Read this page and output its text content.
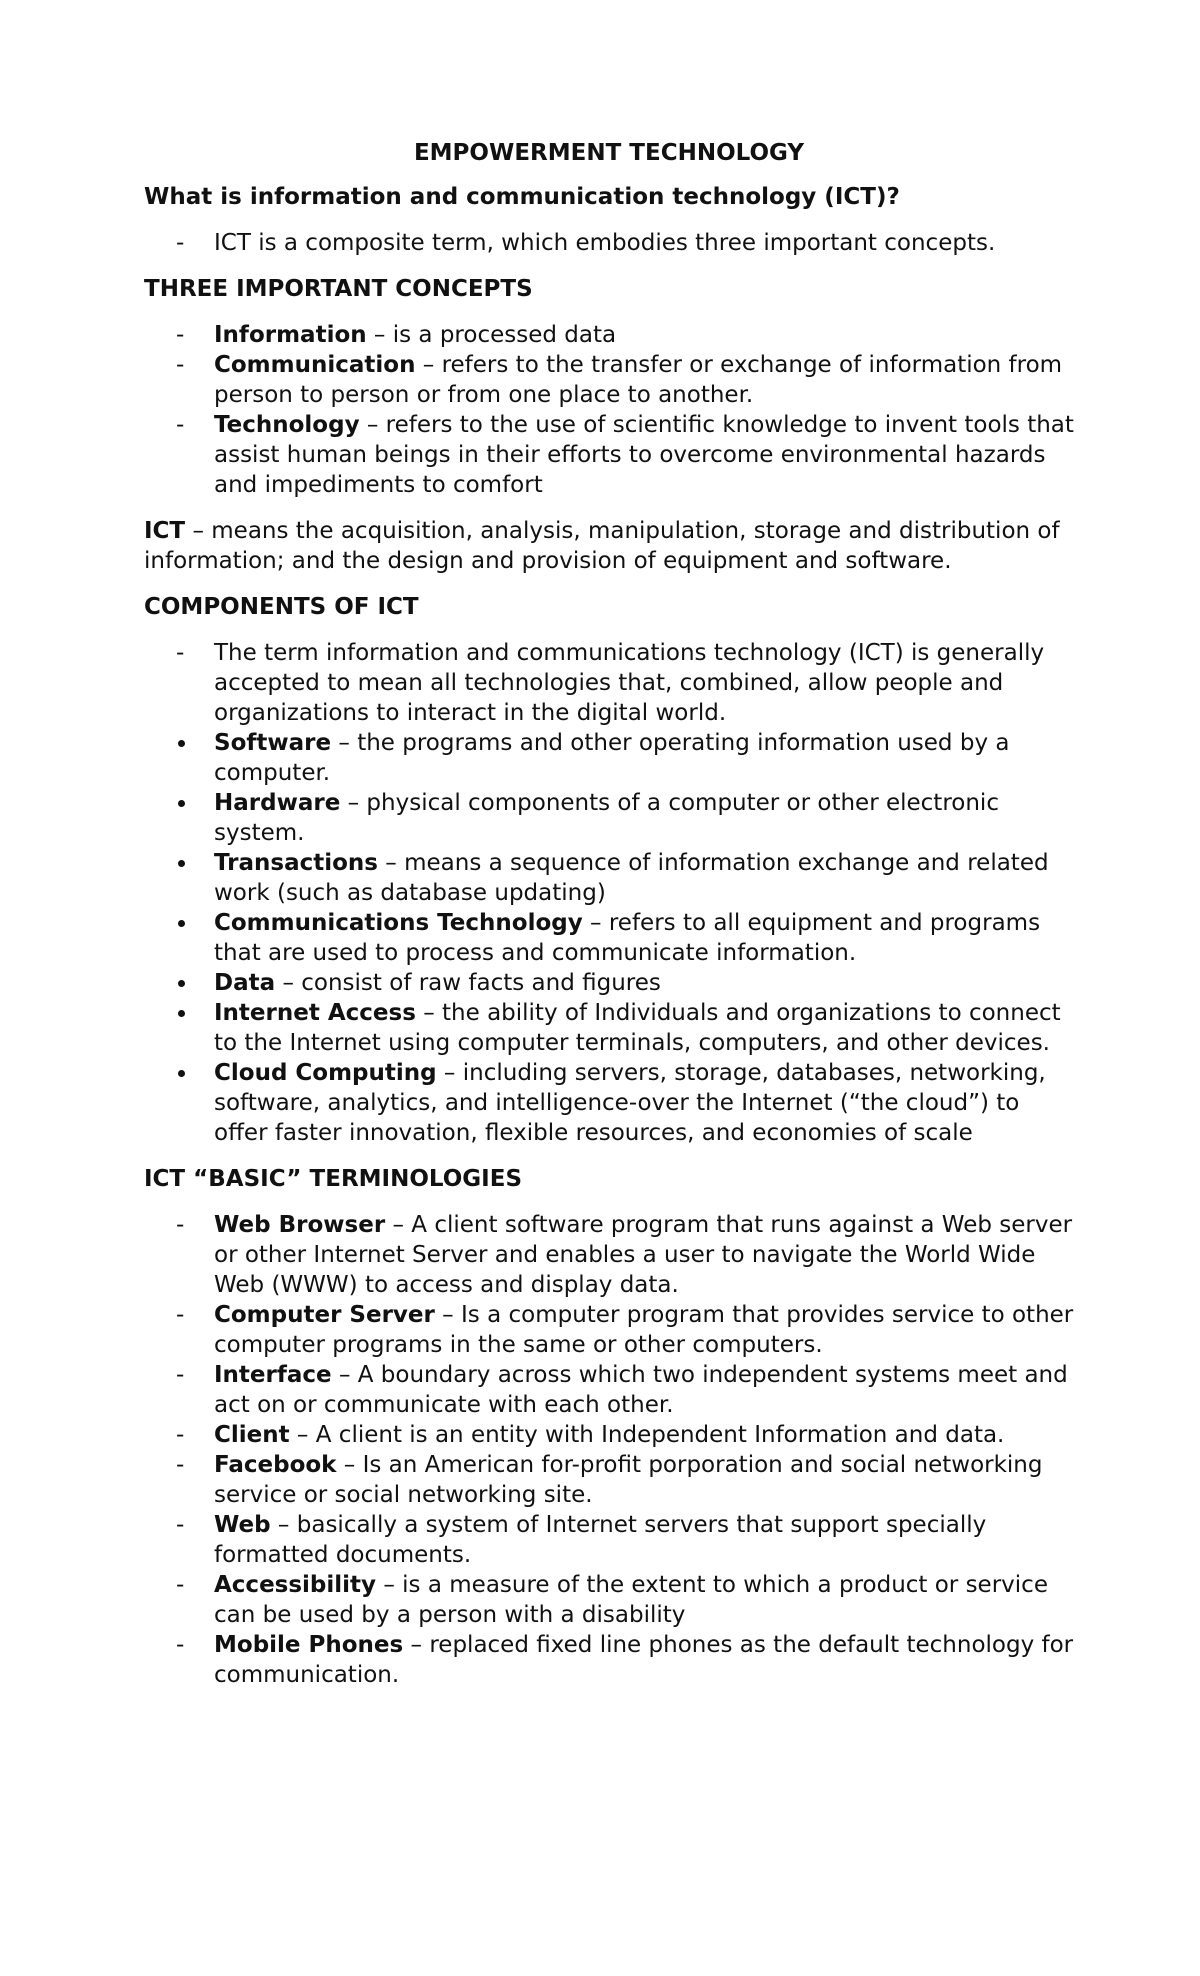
EMPOWERMENT TECHNOLOGY
What is information and communication technology (ICT)?
-	ICT is a composite term, which embodies three important concepts.
THREE IMPORTANT CONCEPTS
-	Information – is a processed data
-	Communication – refers to the transfer or exchange of information from person to person or from one place to another.
-	Technology – refers to the use of scientific knowledge to invent tools that assist human beings in their efforts to overcome environmental hazards and impediments to comfort

ICT – means the acquisition, analysis, manipulation, storage and distribution of information; and the design and provision of equipment and software.

COMPONENTS OF ICT
-	The term information and communications technology (ICT) is generally accepted to mean all technologies that, combined, allow people and organizations to interact in the digital world.
Software – the programs and other operating information used by a computer.
Hardware – physical components of a computer or other electronic system.
Transactions – means a sequence of information exchange and related work (such as database updating)
Communications Technology – refers to all equipment and programs that are used to process and communicate information.
Data – consist of raw facts and figures
Internet Access – the ability of Individuals and organizations to connect to the Internet using computer terminals, computers, and other devices.
Cloud Computing – including servers, storage, databases, networking, software, analytics, and intelligence-over the Internet (“the cloud”) to offer faster innovation, flexible resources, and economies of scale
ICT “BASIC” TERMINOLOGIES
-	Web Browser – A client software program that runs against a Web server or other Internet Server and enables a user to navigate the World Wide Web (WWW) to access and display data.
-	Computer Server – Is a computer program that provides service to other computer programs in the same or other computers.
-	Interface – A boundary across which two independent systems meet and act on or communicate with each other.
-	Client – A client is an entity with Independent Information and data.
-	Facebook – Is an American for-profit porporation and social networking service or social networking site.
-	Web – basically a system of Internet servers that support specially formatted documents.
-	Accessibility – is a measure of the extent to which a product or service can be used by a person with a disability
-	Mobile Phones – replaced fixed line phones as the default technology for communication.
